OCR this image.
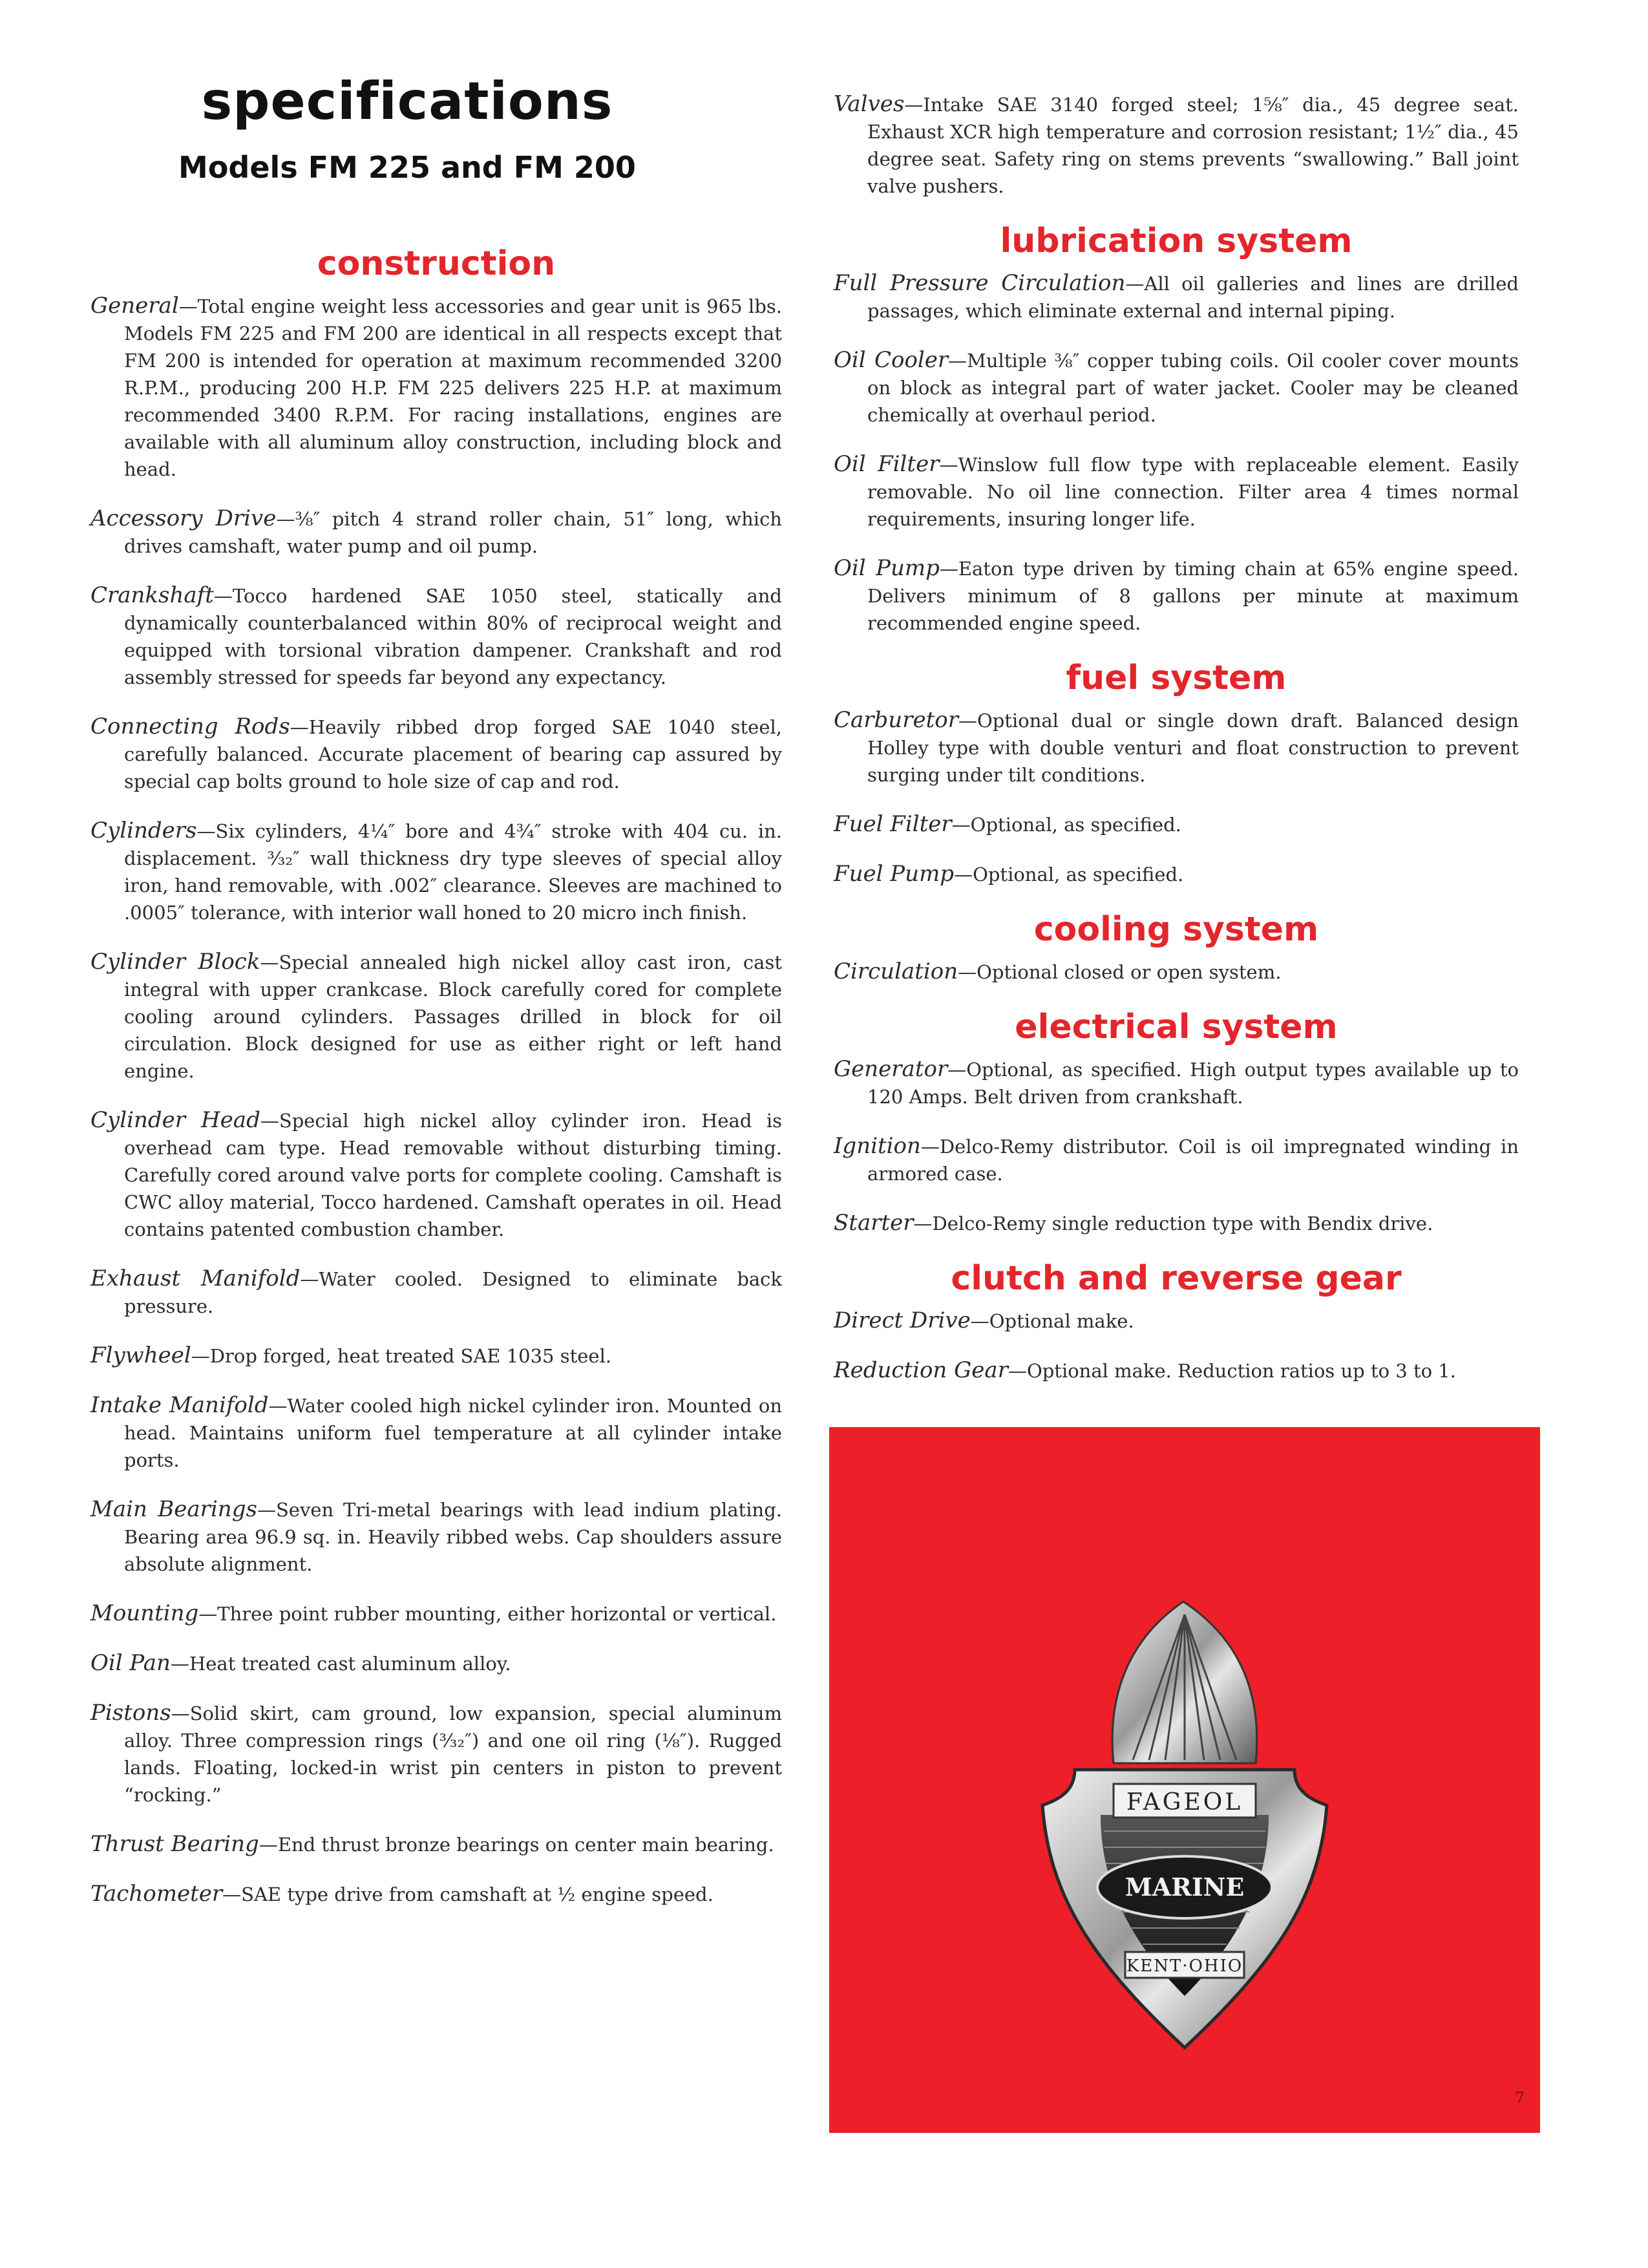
specifications
Models FM 225 and FM 200
construction
General—Total engine weight less accessories and gear unit is 965 lbs. Models FM 225 and FM 200 are identical in all respects except that FM 200 is intended for operation at maximum recommended 3200 R.P.M., producing 200 H.P. FM 225 delivers 225 H.P. at maximum recommended 3400 R.P.M. For racing installations, engines are available with all aluminum alloy construction, including block and head.
Accessory Drive—⅜″ pitch 4 strand roller chain, 51″ long, which drives camshaft, water pump and oil pump.
Crankshaft—Tocco hardened SAE 1050 steel, statically and dynamically counterbalanced within 80% of reciprocal weight and equipped with torsional vibration dampener. Crankshaft and rod assembly stressed for speeds far beyond any expectancy.
Connecting Rods—Heavily ribbed drop forged SAE 1040 steel, carefully balanced. Accurate placement of bearing cap assured by special cap bolts ground to hole size of cap and rod.
Cylinders—Six cylinders, 4¼″ bore and 4¾″ stroke with 404 cu. in. displacement. ³⁄₃₂″ wall thickness dry type sleeves of special alloy iron, hand removable, with .002″ clearance. Sleeves are machined to .0005″ tolerance, with interior wall honed to 20 micro inch finish.
Cylinder Block—Special annealed high nickel alloy cast iron, cast integral with upper crankcase. Block carefully cored for complete cooling around cylinders. Passages drilled in block for oil circulation. Block designed for use as either right or left hand engine.
Cylinder Head—Special high nickel alloy cylinder iron. Head is overhead cam type. Head removable without disturbing timing. Carefully cored around valve ports for complete cooling. Camshaft is CWC alloy material, Tocco hardened. Camshaft operates in oil. Head contains patented combustion chamber.
Exhaust Manifold—Water cooled. Designed to eliminate back pressure.
Flywheel—Drop forged, heat treated SAE 1035 steel.
Intake Manifold—Water cooled high nickel cylinder iron. Mounted on head. Maintains uniform fuel temperature at all cylinder intake ports.
Main Bearings—Seven Tri-metal bearings with lead indium plating. Bearing area 96.9 sq. in. Heavily ribbed webs. Cap shoulders assure absolute alignment.
Mounting—Three point rubber mounting, either horizontal or vertical.
Oil Pan—Heat treated cast aluminum alloy.
Pistons—Solid skirt, cam ground, low expansion, special aluminum alloy. Three compression rings (³⁄₃₂″) and one oil ring (⅛″). Rugged lands. Floating, locked-in wrist pin centers in piston to prevent “rocking.”
Thrust Bearing—End thrust bronze bearings on center main bearing.
Tachometer—SAE type drive from camshaft at ½ engine speed.
Valves—Intake SAE 3140 forged steel; 1⅝″ dia., 45 degree seat. Exhaust XCR high temperature and corrosion resistant; 1½″ dia., 45 degree seat. Safety ring on stems prevents “swallowing.” Ball joint valve pushers.
lubrication system
Full Pressure Circulation—All oil galleries and lines are drilled passages, which eliminate external and internal piping.
Oil Cooler—Multiple ⅜″ copper tubing coils. Oil cooler cover mounts on block as integral part of water jacket. Cooler may be cleaned chemically at overhaul period.
Oil Filter—Winslow full flow type with replaceable element. Easily removable. No oil line connection. Filter area 4 times normal requirements, insuring longer life.
Oil Pump—Eaton type driven by timing chain at 65% engine speed. Delivers minimum of 8 gallons per minute at maximum recommended engine speed.
fuel system
Carburetor—Optional dual or single down draft. Balanced design Holley type with double venturi and float construction to prevent surging under tilt conditions.
Fuel Filter—Optional, as specified.
Fuel Pump—Optional, as specified.
cooling system
Circulation—Optional closed or open system.
electrical system
Generator—Optional, as specified. High output types available up to 120 Amps. Belt driven from crankshaft.
Ignition—Delco-Remy distributor. Coil is oil impregnated winding in armored case.
Starter—Delco-Remy single reduction type with Bendix drive.
clutch and reverse gear
Direct Drive—Optional make.
Reduction Gear—Optional make. Reduction ratios up to 3 to 1.
FAGEOL
MARINE
KENT·OHIO
7
